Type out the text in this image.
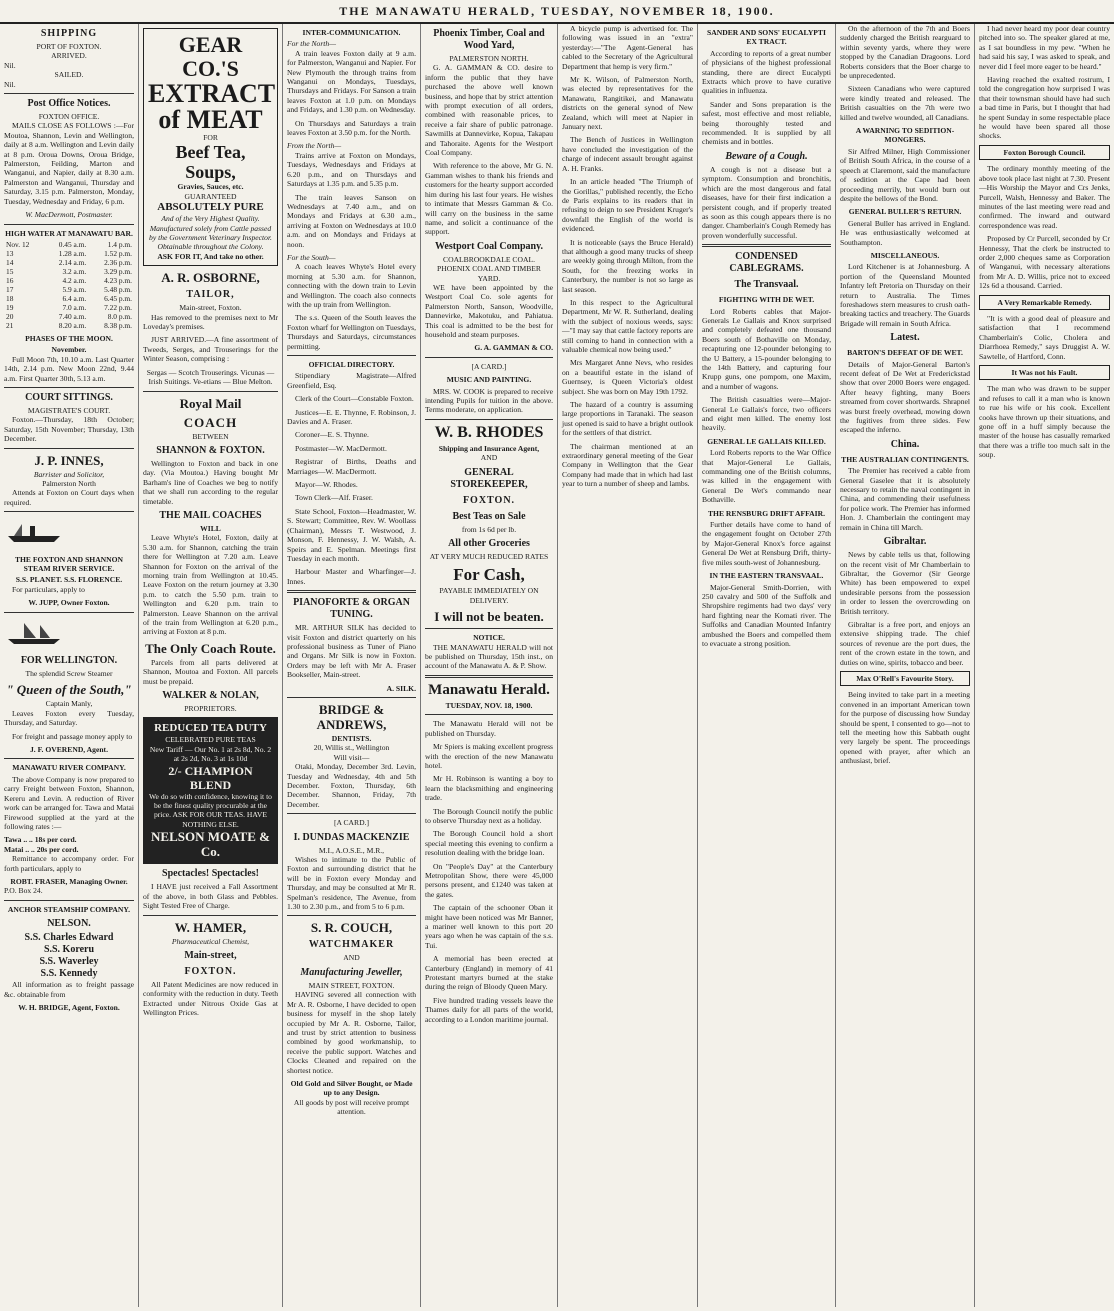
THE MANAWATU HERALD, TUESDAY, NOVEMBER 18, 1900.
SHIPPING
PORT OF FOXTON.
ARRIVED.
Nil.
SAILED.
Nil.
Post Office Notices.
FOXTON OFFICE.
MAILS CLOSE AS FOLLOWS :—For Moutoa, Shannon, Levin and Wellington, daily at 8 a.m. Wellington and Levin daily at 8 p.m. Oroua Downs, Oroua Bridge, Palmerston, Feilding, Marton and Wanganui, and Napier, daily at 8.30 a.m. Palmerston and Wanganui, Thursday and Saturday, 3.15 p.m. Palmerston, Monday, Tuesday, Wednesday and Friday, 6 p.m.
W. MacDermott, Postmaster.
HIGH WATER AT MANAWATU BAR.
Nov. 12	0.45 a.m.	1.4 p.m.
13	1.28 a.m.	1.52 p.m.
14	2.14 a.m.	2.36 p.m.
15	3.2 a.m.	3.29 p.m.
16	4.2 a.m.	4.23 p.m.
17	5.9 a.m.	5.48 p.m.
18	6.4 a.m.	6.45 p.m.
19	7.0 a.m.	7.22 p.m.
20	7.40 a.m.	8.0 p.m.
21	8.20 a.m.	8.38 p.m.
PHASES OF THE MOON.
November.
Full Moon 7th, 10.10 a.m. Last Quarter 14th, 2.14 p.m. New Moon 22nd, 9.44 a.m. First Quarter 30th, 5.13 a.m.
COURT SITTINGS.
MAGISTRATE'S COURT.
Foxton.—Thursday, 18th October; Saturday, 15th November; Thursday, 13th December.
J. P. INNES,
Barrister and Solicitor,
Palmerston North
Attends at Foxton on Court days when required.
THE FOXTON AND SHANNON STEAM RIVER SERVICE.
S.S. PLANET. S.S. FLORENCE.
For particulars, apply to
W. JUPP, Owner Foxton.
FOR WELLINGTON.
The splendid Screw Steamer
" Queen of the South,"
Captain Manly,
Leaves Foxton every Tuesday, Thursday, and Saturday.
For freight and passage money apply to
J. F. OVEREND, Agent.
MANAWATU RIVER COMPANY.
The above Company is now prepared to carry Freight between Foxton, Shannon, Kereru and Levin. A reduction of River work can be arranged for. Tawa and Matai Firewood supplied at the yard at the following rates :—
Tawa .. .. 18s per cord.
Matai .. .. 20s per cord.
Remittance to accompany order. For forth particulars, apply to
ROBT. FRASER, Managing Owner.
P.O. Box 24.
ANCHOR STEAMSHIP COMPANY.
NELSON.
S.S. Charles Edward
S.S. Koreru
S.S. Waverley
S.S. Kennedy
All information as to freight passage &c. obtainable from
W. H. BRIDGE, Agent, Foxton.
GEAR CO.'S
EXTRACT of MEAT
FOR
Beef Tea, Soups,
Gravies, Sauces, etc.
GUARANTEED
ABSOLUTELY PURE
And of the Very Highest Quality. Manufactured solely from Cattle passed by the Government Veterinary Inspector. Obtainable throughout the Colony.
ASK FOR IT, And take no other.
A. R. OSBORNE,
TAILOR,
Main-street, Foxton.
Has removed to the premises next to Mr Loveday's premises.
JUST ARRIVED.—A fine assortment of Tweeds, Serges, and Trouserings for the Winter Season, comprising :
Sergas — Scotch Trouserings. Vicunas — Irish Suitings. Ve-etians — Blue Melton.
Royal Mail
COACH
BETWEEN
SHANNON & FOXTON.
Wellington to Foxton and back in one day. (Via Moutoa.) Having bought Mr Barham's line of Coaches we beg to notify that we shall run according to the regular timetable.
THE MAIL COACHES
WILL
Leave Whyte's Hotel, Foxton, daily at 5.30 a.m. for Shannon, catching the train there for Wellington at 7.20 a.m. Leave Shannon for Foxton on the arrival of the morning train from Wellington at 10.45. Leave Foxton on the return journey at 3.30 p.m. to catch the 5.50 p.m. train to Wellington and 6.20 p.m. train to Palmerston. Leave Shannon on the arrival of the train from Wellington at 6.20 p.m., arriving at Foxton at 8 p.m.
The Only Coach Route.
Parcels from all parts delivered at Shannon, Moutoa and Foxton. All parcels must be prepaid.
WALKER & NOLAN,
PROPRIETORS.
REDUCED TEA DUTY
CELEBRATED PURE TEAS
New Tariff — Our No. 1 at 2s 8d, No. 2 at 2s 2d, No. 3 at 1s 10d
2/- CHAMPION BLEND
We do so with confidence, knowing it to be the finest quality procurable at the price. ASK FOR OUR TEAS. HAVE NOTHING ELSE.
NELSON MOATE & Co.
Spectacles! Spectacles!
I HAVE just received a Fall Assortment of the above, in both Glass and Pebbles. Sight Tested Free of Charge.
W. HAMER,
Pharmaceutical Chemist,
Main-street,
FOXTON.
All Patent Medicines are now reduced in conformity with the reduction in duty. Teeth Extracted under Nitrous Oxide Gas at Wellington Prices.
INTER-COMMUNICATION.
For the North—
A train leaves Foxton daily at 9 a.m. for Palmerston, Wanganui and Napier. For New Plymouth the through trains from Wanganui on Mondays, Tuesdays, Thursdays and Fridays. For Sanson a train leaves Foxton at 1.0 p.m. on Mondays and Fridays, and 1.30 p.m. on Wednesday.
On Thursdays and Saturdays a train leaves Foxton at 3.50 p.m. for the North.
From the North—
Trains arrive at Foxton on Mondays, Tuesdays, Wednesdays and Fridays at 6.20 p.m., and on Thursdays and Saturdays at 1.35 p.m. and 5.35 p.m.
The train leaves Sanson on Wednesdays at 7.40 a.m., and on Mondays and Fridays at 6.30 a.m., arriving at Foxton on Wednesdays at 10.0 a.m. and on Mondays and Fridays at noon.
For the South—
A coach leaves Whyte's Hotel every morning at 5.30 a.m. for Shannon, connecting with the down train to Levin and Wellington. The coach also connects with the up train from Wellington.
The s.s. Queen of the South leaves the Foxton wharf for Wellington on Tuesdays, Thursdays and Saturdays, circumstances permitting.
OFFICIAL DIRECTORY.
Stipendiary Magistrate—Alfred Greenfield, Esq.
Clerk of the Court—Constable Foxton.
Justices—E. E. Thynne, F. Robinson, J. Davies and A. Fraser.
Coroner—E. S. Thynne.
Postmaster—W. MacDermott.
Registrar of Births, Deaths and Marriages—W. MacDermott.
Mayor—W. Rhodes.
Town Clerk—Alf. Fraser.
State School, Foxton—Headmaster, W. S. Stewart; Committee, Rev. W. Woollass (Chairman), Messrs T. Westwood, J. Monson, F. Hennessy, J. W. Walsh, A. Speirs and E. Spelman. Meetings first Tuesday in each month.
Harbour Master and Wharfinger—J. Innes.
PIANOFORTE & ORGAN TUNING.
MR. ARTHUR SILK has decided to visit Foxton and district quarterly on his professional business as Tuner of Piano and Organs. Mr Silk is now in Foxton. Orders may be left with Mr A. Fraser Bookseller, Main-street.
A. SILK.
BRIDGE & ANDREWS,
DENTISTS.
20, Willis st., Wellington
Will visit—
Otaki, Monday, December 3rd. Levin, Tuesday and Wednesday, 4th and 5th December. Foxton, Thursday, 6th December. Shannon, Friday, 7th December.
[A CARD.]
I. DUNDAS MACKENZIE
M.I., A.O.S.E., M.R.,
Wishes to intimate to the Public of Foxton and surrounding district that he will be in Foxton every Monday and Thursday, and may be consulted at Mr R. Spelman's residence, The Avenue, from 1.30 to 2.30 p.m., and from 5 to 6 p.m.
S. R. COUCH,
WATCHMAKER
AND
Manufacturing Jeweller,
MAIN STREET, FOXTON.
HAVING severed all connection with Mr A. R. Osborne, I have decided to open business for myself in the shop lately occupied by Mr A. R. Osborne, Tailor, and trust by strict attention to business combined by good workmanship, to receive the public support. Watches and Clocks Cleaned and repaired on the shortest notice.
Old Gold and Silver Bought, or Made up to any Design.
All goods by post will receive prompt attention.
Phoenix Timber, Coal and Wood Yard,
PALMERSTON NORTH.
G. A. GAMMAN & CO. desire to inform the public that they have purchased the above well known business, and hope that by strict attention with prompt execution of all orders, combined with reasonable prices, to receive a fair share of public patronage. Sawmills at Dannevirke, Kopua, Takapau and Tahoraite. Agents for the Westport Coal Company.
With reference to the above, Mr G. N. Gamman wishes to thank his friends and customers for the hearty support accorded him during his last four years. He wishes to intimate that Messrs Gamman & Co. will carry on the business in the same name, and solicit a continuance of the support.
Westport Coal Company.
COALBROOKDALE COAL.
PHOENIX COAL AND TIMBER YARD.
WE have been appointed by the Westport Coal Co. sole agents for Palmerston North, Sanson, Woodville, Dannevirke, Makotuku, and Pahiatua. This coal is admitted to be the best for household and steam purposes.
G. A. GAMMAN & CO.
[A CARD.]
MUSIC AND PAINTING.
MRS. W. COOK is prepared to receive intending Pupils for tuition in the above. Terms moderate, on application.
W. B. RHODES
Shipping and Insurance Agent,
AND
GENERAL STOREKEEPER,
FOXTON.
Best Teas on Sale
from 1s 6d per lb.
All other Groceries
AT VERY MUCH REDUCED RATES
For Cash,
PAYABLE IMMEDIATELY ON DELIVERY.
I will not be beaten.
NOTICE.
THE MANAWATU HERALD will not be published on Thursday, 15th inst., on account of the Manawatu A. & P. Show.
Manawatu Herald.
TUESDAY, NOV. 18, 1900.
The Manawatu Herald will not be published on Thursday.
Mr Spiers is making excellent progress with the erection of the new Manawatu hotel.
Mr H. Robinson is wanting a boy to learn the blacksmithing and engineering trade.
The Borough Council notify the public to observe Thursday next as a holiday.
The Borough Council hold a short special meeting this evening to confirm a resolution dealing with the bridge loan.
On "People's Day" at the Canterbury Metropolitan Show, there were 45,000 persons present, and £1240 was taken at the gates.
The captain of the schooner Oban it might have been noticed was Mr Banner, a mariner well known to this port 20 years ago when he was captain of the s.s. Tui.
A memorial has been erected at Canterbury (England) in memory of 41 Protestant martyrs burned at the stake during the reign of Bloody Queen Mary.
Five hundred trading vessels leave the Thames daily for all parts of the world, according to a London maritime journal.
A bicycle pump is advertised for. The following was issued in an "extra" yesterday:—"The Agent-General has cabled to the Secretary of the Agricultural Department that hemp is very firm."
Mr K. Wilson, of Palmerston North, was elected by representatives for the Manawatu, Rangitikei, and Manawatu districts on the general synod of New Zealand, which will meet at Napier in January next.
The Bench of Justices in Wellington have concluded the investigation of the charge of indecent assault brought against A. H. Franks.
In an article headed "The Triumph of the Gorillas," published recently, the Echo de Paris explains to its readers that in refusing to deign to see President Kruger's downfall the English of the world is evidenced.
It is noticeable (says the Bruce Herald) that although a good many trucks of sheep are weekly going through Milton, from the South, for the freezing works in Canterbury, the number is not so large as last season.
In this respect to the Agricultural Department, Mr W. R. Sutherland, dealing with the subject of noxious weeds, says:—"I may say that cattle factory reports are still coming to hand in connection with a valuable chemical now being used."
Mrs Margaret Anne Nevs, who resides on a beautiful estate in the island of Guernsey, is Queen Victoria's oldest subject. She was born on May 19th 1792.
The hazard of a country is assuming large proportions in Taranaki. The season just opened is said to have a bright outlook for the settlers of that district.
The chairman mentioned at an extraordinary general meeting of the Gear Company in Wellington that the Gear Company had made that in which had last year to turn a number of sheep and lambs.
SANDER AND SONS' EUCALYPTI EX TRACT.
According to reports of a great number of physicians of the highest professional standing, there are direct Eucalypti Extracts which prove to have curative qualities in influenza.
Sander and Sons preparation is the safest, most effective and most reliable, being thoroughly tested and recommended. It is supplied by all chemists and in bottles.
Beware of a Cough.
A cough is not a disease but a symptom. Consumption and bronchitis, which are the most dangerous and fatal diseases, have for their first indication a persistent cough, and if properly treated as soon as this cough appears there is no danger. Chamberlain's Cough Remedy has proven wonderfully successful.
CONDENSED CABLEGRAMS.
The Transvaal.
FIGHTING WITH DE WET.
Lord Roberts cables that Major-Generals Le Gallais and Knox surprised and completely defeated one thousand Boers south of Bothaville on Monday, recapturing one 12-pounder belonging to the U Battery, a 15-pounder belonging to the 14th Battery, and capturing four Krupp guns, one pompom, one Maxim, and a number of wagons.
The British casualties were—Major-General Le Gallais's force, two officers and eight men killed. The enemy lost heavily.
GENERAL LE GALLAIS KILLED.
Lord Roberts reports to the War Office that Major-General Le Gallais, commanding one of the British columns, was killed in the engagement with General De Wet's commando near Bothaville.
THE RENSBURG DRIFT AFFAIR.
Further details have come to hand of the engagement fought on October 27th by Major-General Knox's force against General De Wet at Rensburg Drift, thirty-five miles south-west of Johannesburg.
IN THE EASTERN TRANSVAAL.
Major-General Smith-Dorrien, with 250 cavalry and 500 of the Suffolk and Shropshire regiments had two days' very hard fighting near the Komati river. The Suffolks and Canadian Mounted Infantry ambushed the Boers and compelled them to evacuate a strong position.
On the afternoon of the 7th and Boers suddenly charged the British rearguard to within seventy yards, where they were stopped by the Canadian Dragoons. Lord Roberts considers that the Boer charge to be unprecedented.
Sixteen Canadians who were captured were kindly treated and released. The British casualties on the 7th were two killed and twelve wounded, all Canadians.
A WARNING TO SEDITION-MONGERS.
Sir Alfred Milner, High Commissioner of British South Africa, in the course of a speech at Claremont, said the manufacture of sedition at the Cape had been proceeding merrily, but would burn out despite the bellows of the Bond.
GENERAL BULLER'S RETURN.
General Buller has arrived in England. He was enthusiastically welcomed at Southampton.
MISCELLANEOUS.
Lord Kitchener is at Johannesburg. A portion of the Queensland Mounted Infantry left Pretoria on Thursday on their return to Australia. The Times foreshadows stern measures to crush oath-breaking tactics and treachery. The Guards Brigade will remain in South Africa.
Latest.
BARTON'S DEFEAT OF DE WET.
Details of Major-General Barton's recent defeat of De Wet at Frederickstad show that over 2000 Boers were engaged. After heavy fighting, many Boers streamed from cover shortwards. Shrapnel was burst freely overhead, mowing down the fugitives from three sides. Few escaped the inferno.
China.
THE AUSTRALIAN CONTINGENTS.
The Premier has received a cable from General Gaselee that it is absolutely necessary to retain the naval contingent in China, and commending their usefulness for police work. The Premier has informed Hon. J. Chamberlain the contingent may remain in China till March.
Gibraltar.
News by cable tells us that, following on the recent visit of Mr Chamberlain to Gibraltar, the Governor (Sir George White) has been empowered to expel undesirable persons from the possession in order to lessen the overcrowding on British territory.
Gibraltar is a free port, and enjoys an extensive shipping trade. The chief sources of revenue are the port dues, the rent of the crown estate in the town, and duties on wine, spirits, tobacco and beer.
Max O'Rell's Favourite Story.
Being invited to take part in a meeting convened in an important American town for the purpose of discussing how Sunday should be spent, I consented to go—not to tell the meeting how this Sabbath ought very largely be spent. The proceedings opened with prayer, after which an anthusiast, brief.
I had never heard my poor dear country pitched into so. The speaker glared at me, as I sat boundless in my pew. "When he had said his say, I was asked to speak, and never did I feel more eager to be heard."
Having reached the exalted rostrum, I told the congregation how surprised I was that their townsman should have had such a bad time in Paris, but I thought that had he spent Sunday in some respectable place he would have been spared all those shocks.
Foxton Borough Council.
The ordinary monthly meeting of the above took place last night at 7.30. Present—His Worship the Mayor and Crs Jenks, Purcell, Walsh, Hennessy and Baker. The minutes of the last meeting were read and confirmed. The inward and outward correspondence was read.
Proposed by Cr Purcell, seconded by Cr Hennessy, That the clerk be instructed to order 2,000 cheques same as Corporation of Wanganui, with necessary alterations from Mr A. D. Willis, price not to exceed 12s 6d a thousand. Carried.
A Very Remarkable Remedy.
"It is with a good deal of pleasure and satisfaction that I recommend Chamberlain's Colic, Cholera and Diarrhoea Remedy," says Druggist A. W. Sawtelle, of Hartford, Conn.
It Was not his Fault.
The man who was drawn to be supper and refuses to call it a man who is known to rue his wife or his cook. Excellent cooks have thrown up their situations, and gone off in a huff simply because the master of the house has casually remarked that there was a trifle too much salt in the soup.
